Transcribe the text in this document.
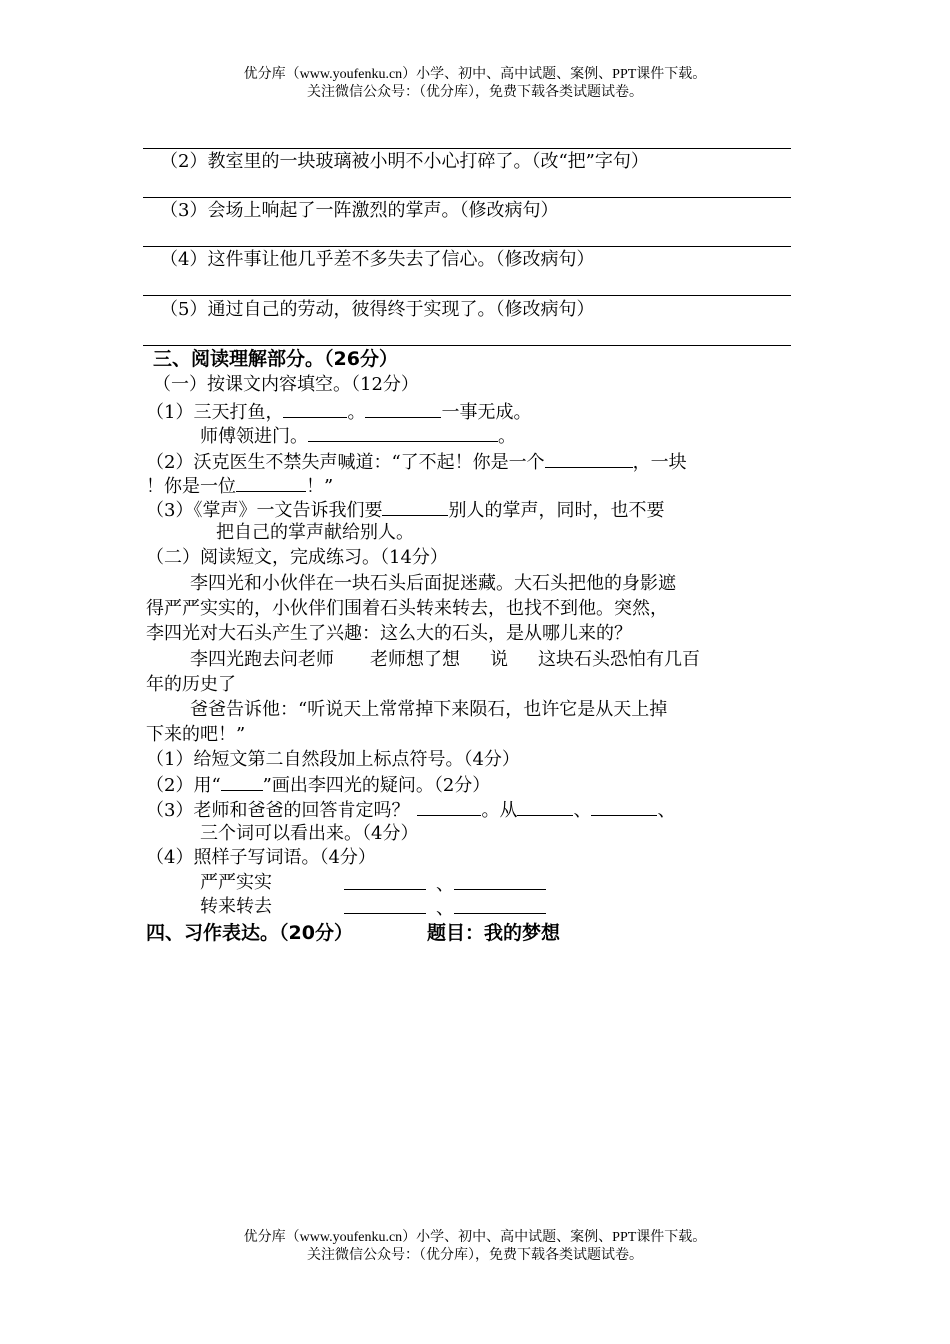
优分库（www.youfenku.cn）小学、初中、高中试题、案例、PPT课件下载。
关注微信公众号：（优分库），免费下载各类试题试卷。
（2）教室里的一块玻璃被小明不小心打碎了。（改“把”字句）
（3）会场上响起了一阵激烈的掌声。（修改病句）
（4）这件事让他几乎差不多失去了信心。（修改病句）
（5）通过自己的劳动，彼得终于实现了。（修改病句）
三、阅读理解部分。（26分）
（一）按课文内容填空。（12分）
（1）三天打鱼，	。	一事无成。
师傅领进门。	。
（2）沃克医生不禁失声喊道：“了不起！你是一个	，一块
！你是一位	！”
（3）《掌声》一文告诉我们要	别人的掌声，同时，也不要
把自己的掌声献给别人。
（二）阅读短文，完成练习。（14分）
李四光和小伙伴在一块石头后面捉迷藏。大石头把他的身影遮
得严严实实的，小伙伴们围着石头转来转去，也找不到他。突然，
李四光对大石头产生了兴趣：这么大的石头，是从哪儿来的？
李四光跑去问老师 老师想了想 说 这块石头恐怕有几百
年的历史了
爸爸告诉他：“听说天上常常掉下来陨石，也许它是从天上掉
下来的吧！”
（1）给短文第二自然段加上标点符号。（4分）
（2）用“ ”画出李四光的疑问。（2分）
（3）老师和爸爸的回答肯定吗？	。从	、	、
三个词可以看出来。（4分）
（4）照样子写词语。（4分）
严严实实	、
转来转去	、
四、习作表达。（20分）	题目：我的梦想
优分库（www.youfenku.cn）小学、初中、高中试题、案例、PPT课件下载。
关注微信公众号：（优分库），免费下载各类试题试卷。
